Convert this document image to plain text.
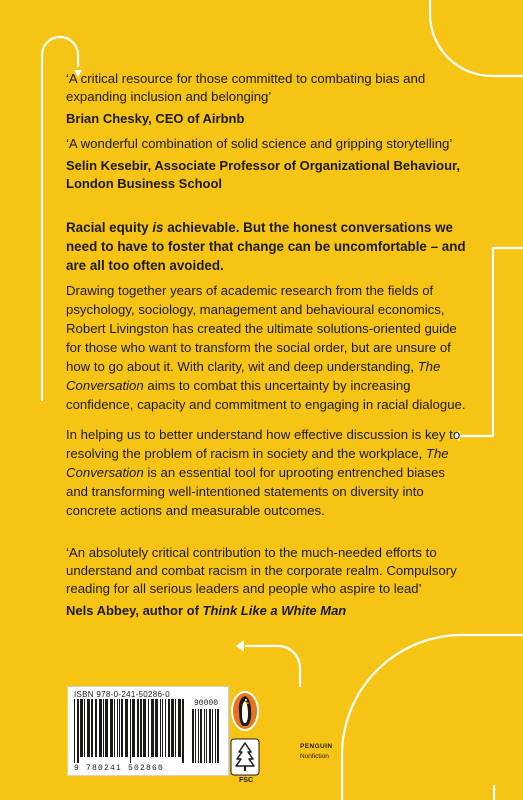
‘A critical resource for those committed to combating bias and expanding inclusion and belonging’

Brian Chesky, CEO of Airbnb

‘A wonderful combination of solid science and gripping storytelling’

Selin Kesebir, Associate Professor of Organizational Behaviour, London Business School

Racial equity is achievable. But the honest conversations we need to have to foster that change can be uncomfortable – and are all too often avoided.

Drawing together years of academic research from the fields of psychology, sociology, management and behavioural economics, Robert Livingston has created the ultimate solutions-oriented guide for those who want to transform the social order, but are unsure of how to go about it. With clarity, wit and deep understanding, The Conversation aims to combat this uncertainty by increasing confidence, capacity and commitment to engaging in racial dialogue.

In helping us to better understand how effective discussion is key to resolving the problem of racism in society and the workplace, The Conversation is an essential tool for uprooting entrenched biases and transforming well-intentioned statements on diversity into concrete actions and measurable outcomes.

‘An absolutely critical contribution to the much-needed efforts to understand and combat racism in the corporate realm. Compulsory reading for all serious leaders and people who aspire to lead’

Nels Abbey, author of Think Like a White Man

ISBN 978-0-241-50286-0
90000
9 780241 502860
FSC
PENGUIN
Nonfiction
